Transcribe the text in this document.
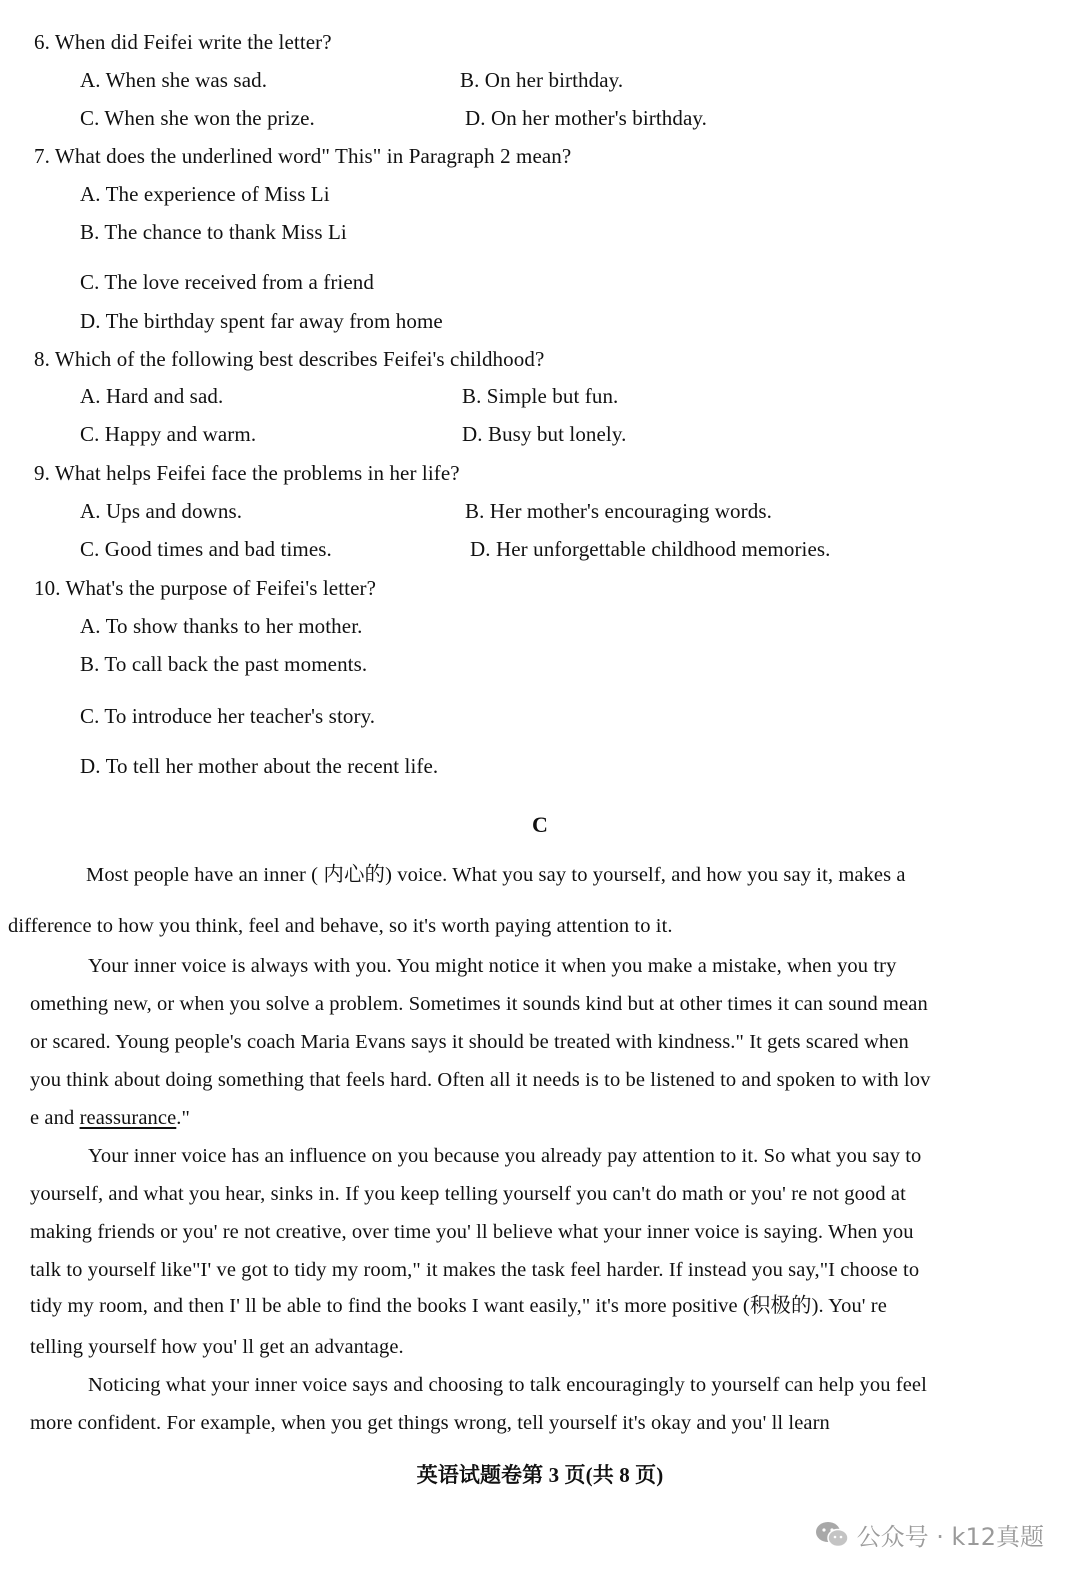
6. When did Feifei write the letter?
A. When she was sad.	B. On her birthday.
C. When she won the prize.	D. On her mother's birthday.
7. What does the underlined word" This" in Paragraph 2 mean?
A. The experience of Miss Li
B. The chance to thank Miss Li
C. The love received from a friend
D. The birthday spent far away from home
8. Which of the following best describes Feifei's childhood?
A. Hard and sad.	B. Simple but fun.
C. Happy and warm.	D. Busy but lonely.
9. What helps Feifei face the problems in her life?
A. Ups and downs.	B. Her mother's encouraging words.
C. Good times and bad times.	D. Her unforgettable childhood memories.
10. What's the purpose of Feifei's letter?
A. To show thanks to her mother.
B. To call back the past moments.
C. To introduce her teacher's story.
D. To tell her mother about the recent life.
C
Most people have an inner ( 内心的) voice. What you say to yourself, and how you say it, makes a
difference to how you think, feel and behave, so it's worth paying attention to it.
Your inner voice is always with you. You might notice it when you make a mistake, when you try
omething new, or when you solve a problem. Sometimes it sounds kind but at other times it can sound mean
or scared. Young people's coach Maria Evans says it should be treated with kindness." It gets scared when
you think about doing something that feels hard. Often all it needs is to be listened to and spoken to with lov
e and reassurance."
Your inner voice has an influence on you because you already pay attention to it. So what you say to
yourself, and what you hear, sinks in. If you keep telling yourself you can't do math or you' re not good at
making friends or you' re not creative, over time you' ll believe what your inner voice is saying. When you
talk to yourself like"I' ve got to tidy my room," it makes the task feel harder. If instead you say,"I choose to
tidy my room, and then I' ll be able to find the books I want easily," it's more positive (积极的). You' re
telling yourself how you' ll get an advantage.
Noticing what your inner voice says and choosing to talk encouragingly to yourself can help you feel
more confident. For example, when you get things wrong, tell yourself it's okay and you' ll learn
英语试题卷第 3 页(共 8 页)
公众号 · k12真题
